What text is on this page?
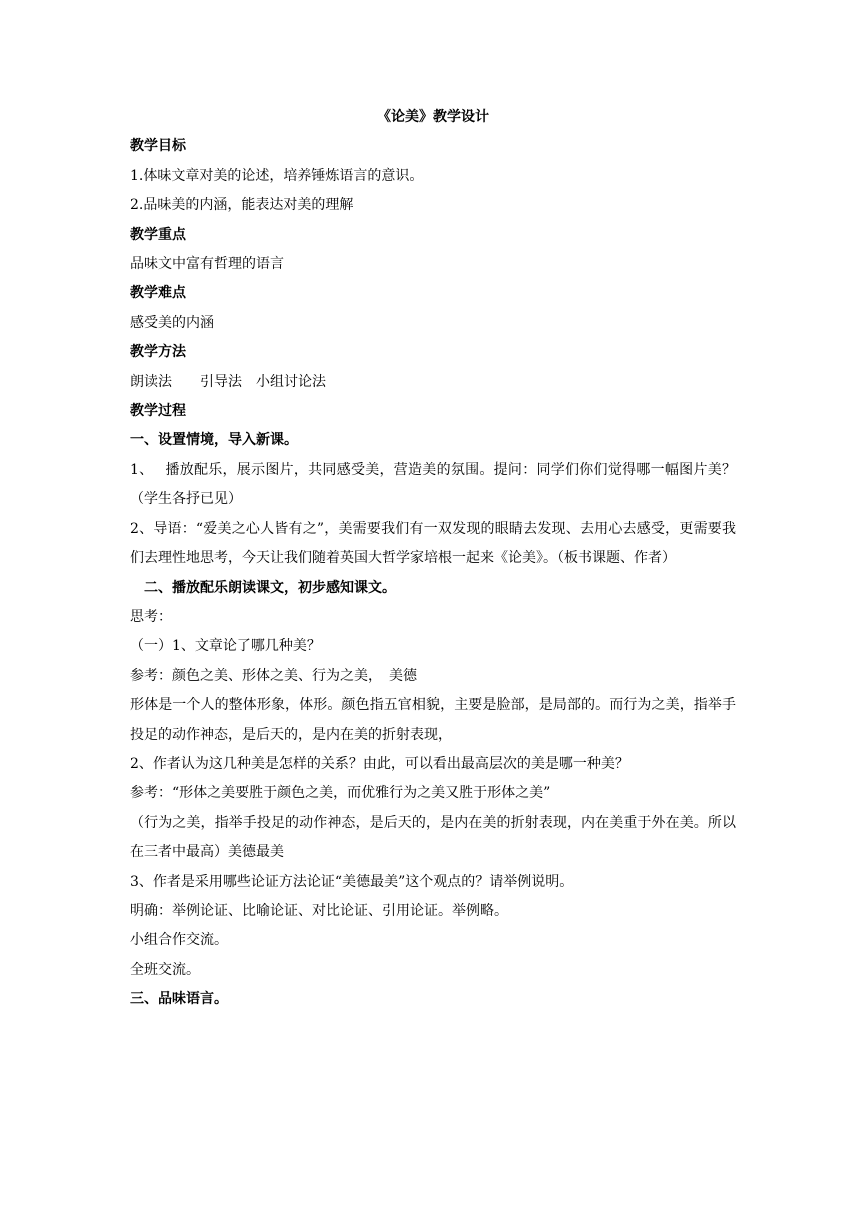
《论美》教学设计
教学目标
1.体味文章对美的论述，培养锤炼语言的意识。
2.品味美的内涵，能表达对美的理解
教学重点
品味文中富有哲理的语言
教学难点
感受美的内涵
教学方法
朗读法　　引导法　小组讨论法
教学过程
一、设置情境，导入新课。
1、　 播放配乐，展示图片，共同感受美，营造美的氛围。提问：同学们你们觉得哪一幅图片美？（学生各抒已见）
2、导语：“爱美之心人皆有之”，美需要我们有一双发现的眼睛去发现、去用心去感受，更需要我们去理性地思考，今天让我们随着英国大哲学家培根一起来《论美》。（板书课题、作者）
二、播放配乐朗读课文，初步感知课文。
思考：
（一）1、文章论了哪几种美？
参考：颜色之美、形体之美、行为之美，　美德
形体是一个人的整体形象，体形。颜色指五官相貌，主要是脸部，是局部的。而行为之美，指举手投足的动作神态，是后天的，是内在美的折射表现，
2、作者认为这几种美是怎样的关系？由此，可以看出最高层次的美是哪一种美？
参考：“形体之美要胜于颜色之美，而优雅行为之美又胜于形体之美”
（行为之美，指举手投足的动作神态，是后天的，是内在美的折射表现，内在美重于外在美。所以在三者中最高）美德最美
3、作者是采用哪些论证方法论证“美德最美”这个观点的？请举例说明。
明确：举例论证、比喻论证、对比论证、引用论证。举例略。
小组合作交流。
全班交流。
三、品味语言。
